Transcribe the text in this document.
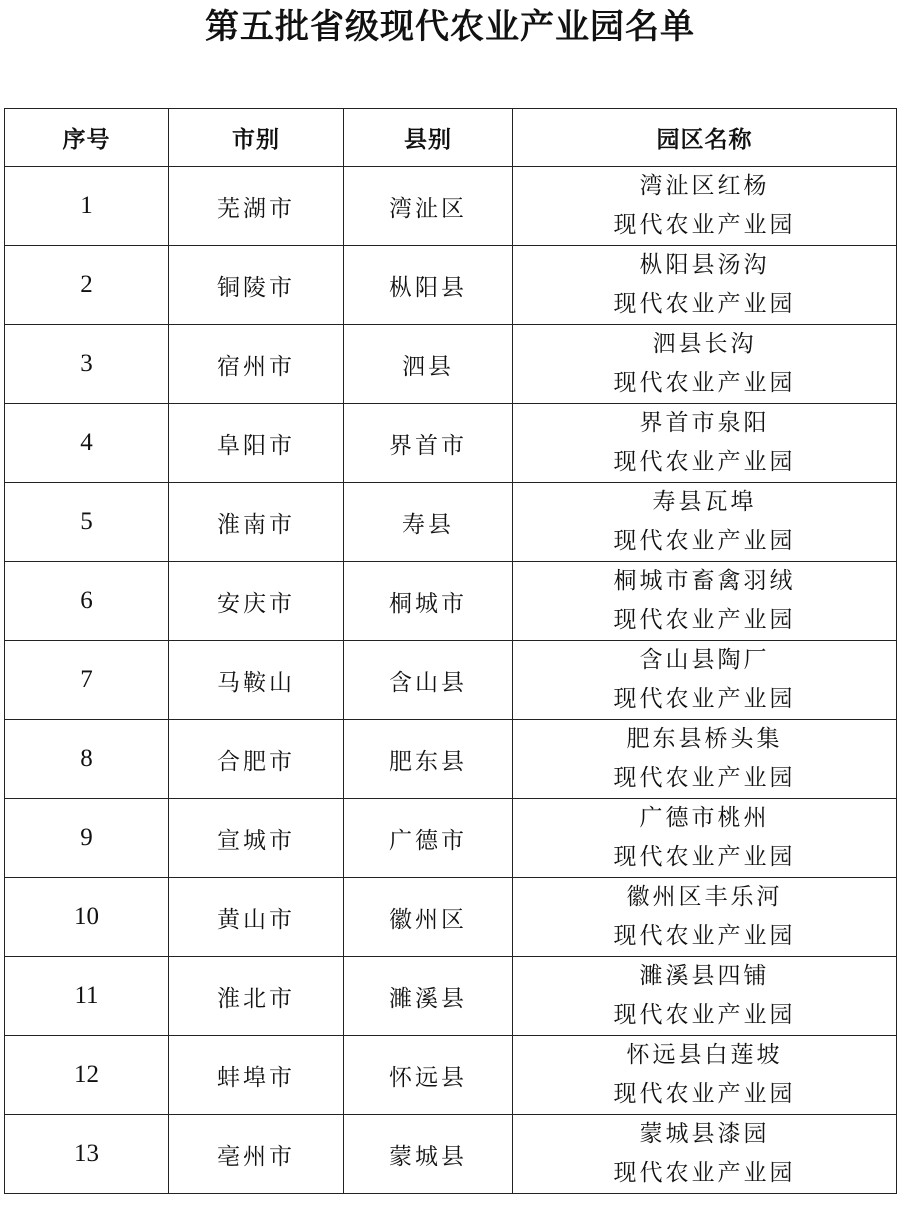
第五批省级现代农业产业园名单
序号	市别	县别	园区名称
1	芜湖市	湾沚区	湾沚区红杨
现代农业产业园

2	铜陵市	枞阳县	枞阳县汤沟
现代农业产业园

3	宿州市	泗县	泗县长沟
现代农业产业园

4	阜阳市	界首市	界首市泉阳
现代农业产业园

5	淮南市	寿县	寿县瓦埠
现代农业产业园

6	安庆市	桐城市	桐城市畜禽羽绒
现代农业产业园

7	马鞍山	含山县	含山县陶厂
现代农业产业园

8	合肥市	肥东县	肥东县桥头集
现代农业产业园

9	宣城市	广德市	广德市桃州
现代农业产业园

10	黄山市	徽州区	徽州区丰乐河
现代农业产业园

11	淮北市	濉溪县	濉溪县四铺
现代农业产业园

12	蚌埠市	怀远县	怀远县白莲坡
现代农业产业园

13	亳州市	蒙城县	蒙城县漆园
现代农业产业园
